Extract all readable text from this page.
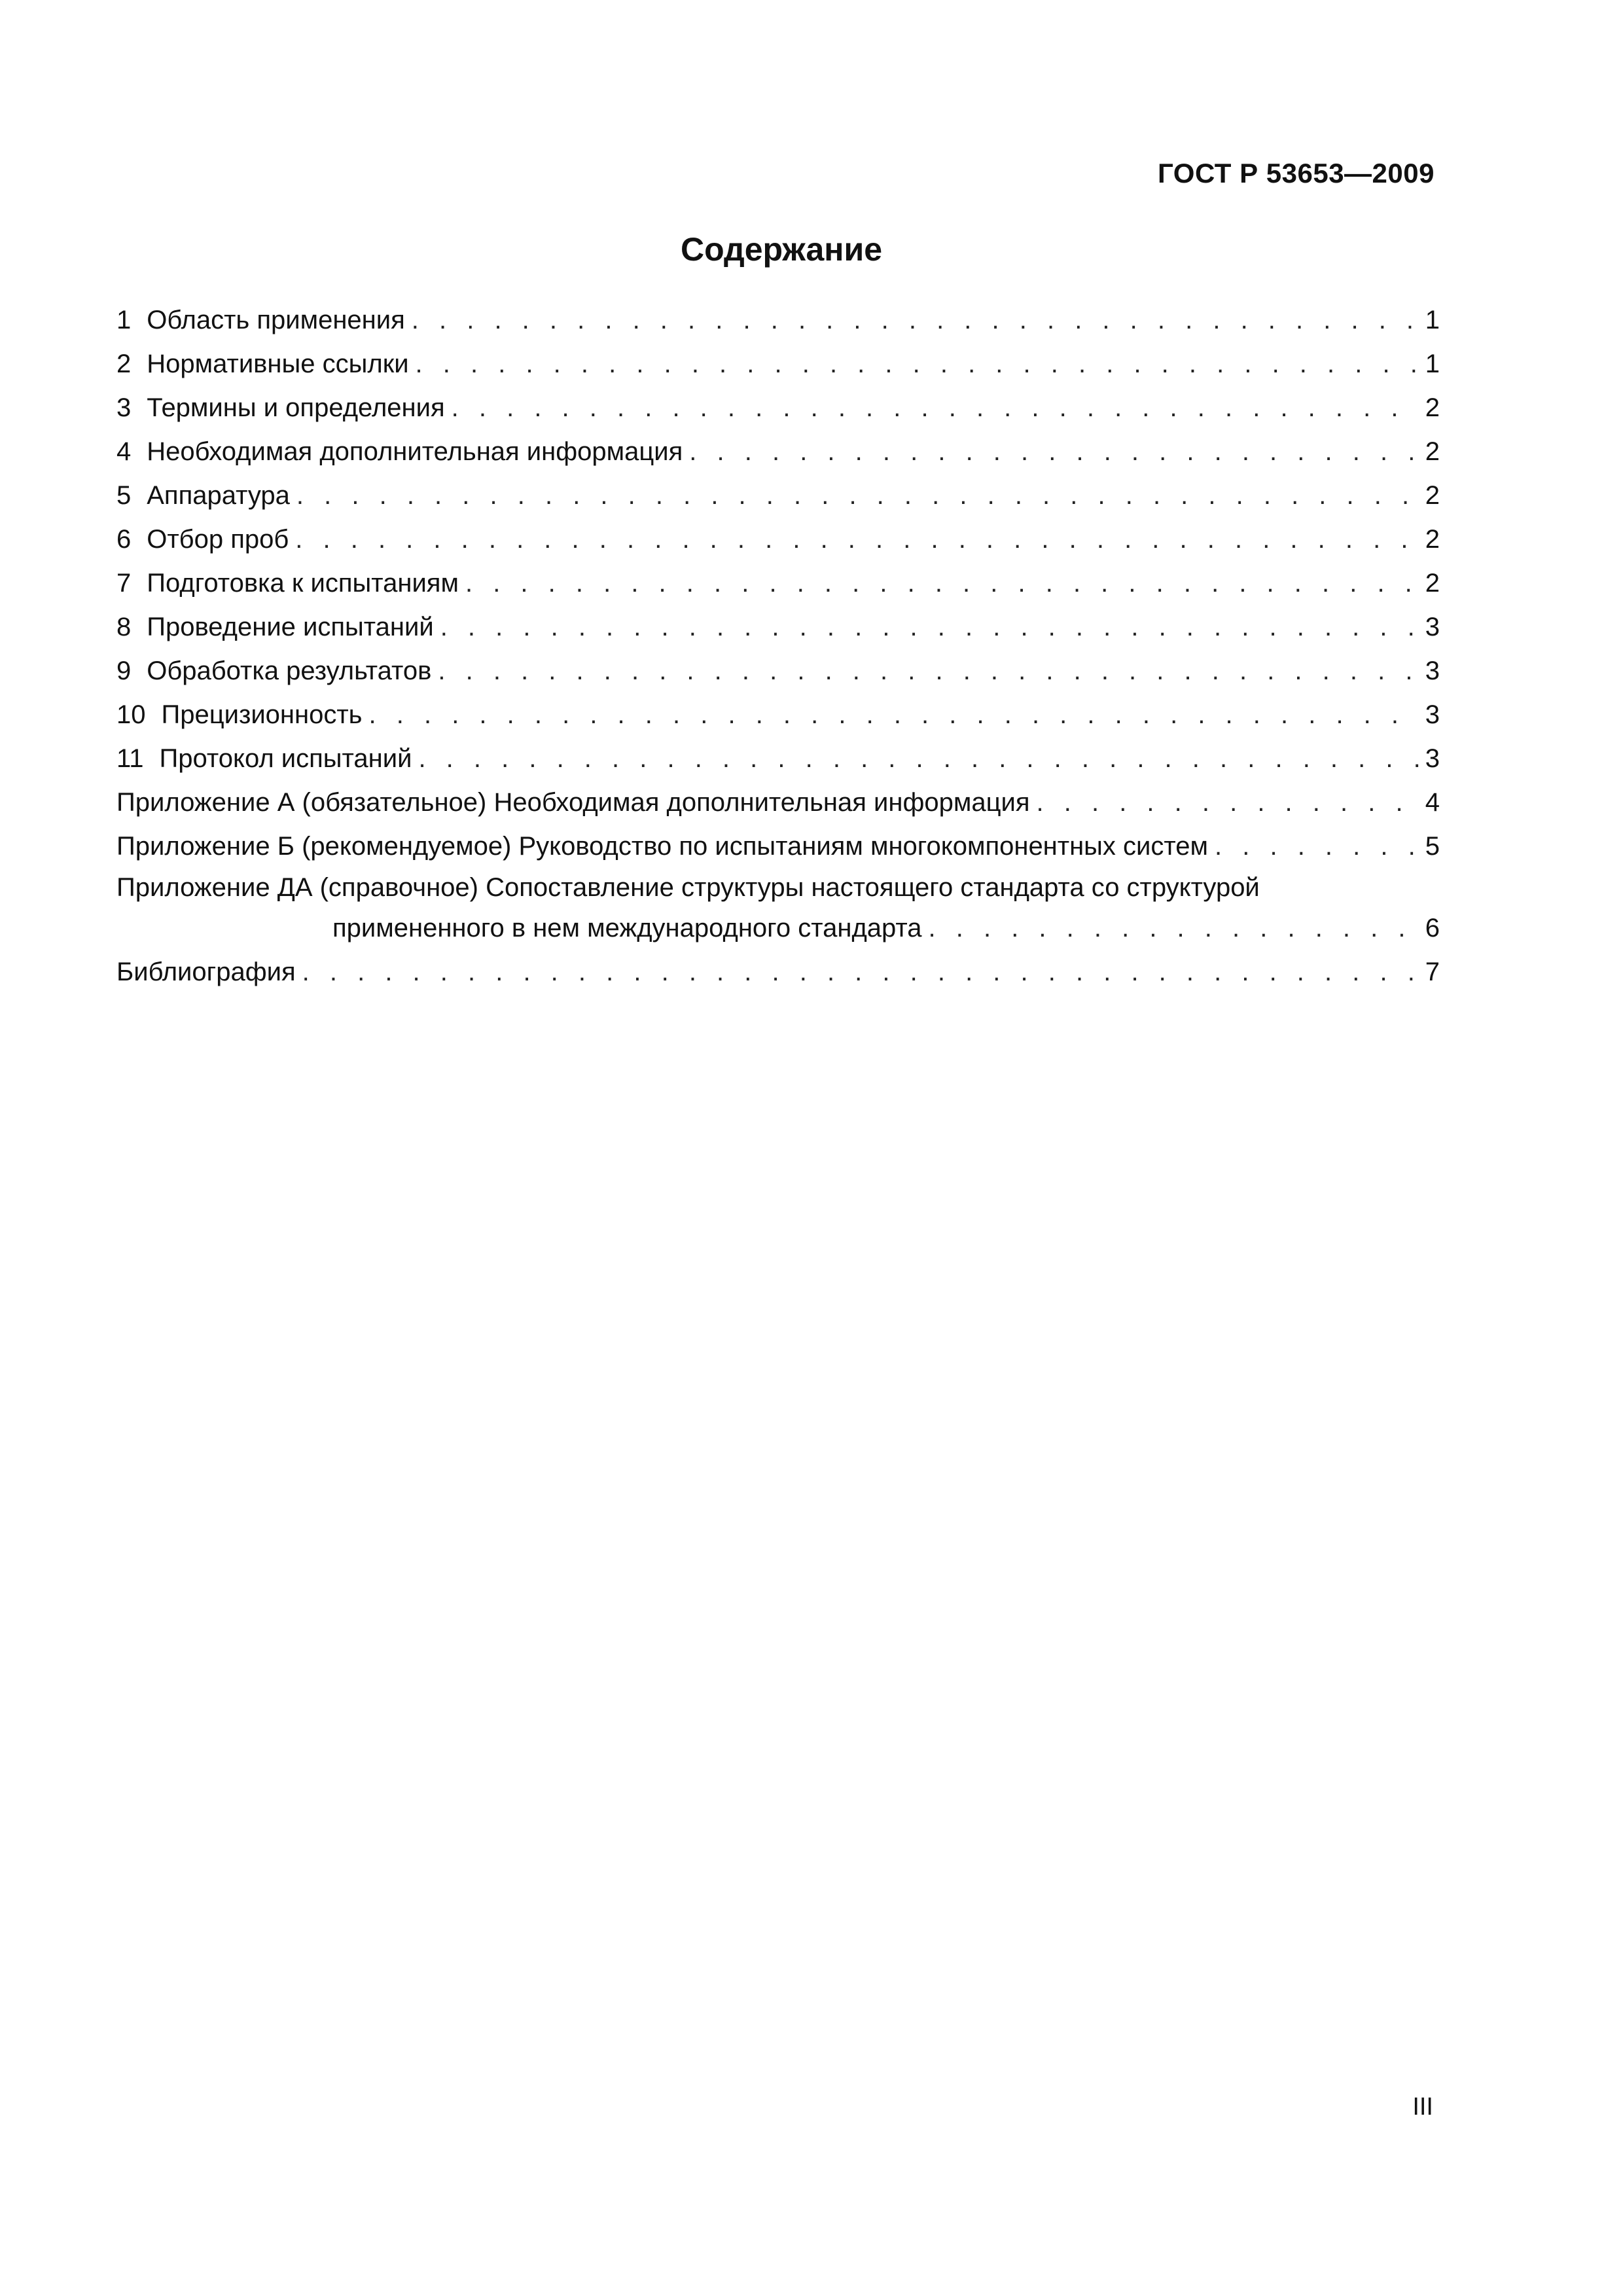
ГОСТ Р 53653—2009
Содержание
1 Область применения . . .	1
2 Нормативные ссылки . . .	1
3 Термины и определения . . .	2
4 Необходимая дополнительная информация . . .	2
5 Аппаратура . . .	2
6 Отбор проб . . .	2
7 Подготовка к испытаниям . . .	2
8 Проведение испытаний . . .	3
9 Обработка результатов . . .	3
10 Прецизионность . . .	3
11 Протокол испытаний . . .	3
Приложение А (обязательное) Необходимая дополнительная информация . . .	4
Приложение Б (рекомендуемое) Руководство по испытаниям многокомпонентных систем . . .	5
Приложение ДА (справочное) Сопоставление структуры настоящего стандарта со структурой
примененного в нем международного стандарта . . .	6
Библиография . . .	7
III
